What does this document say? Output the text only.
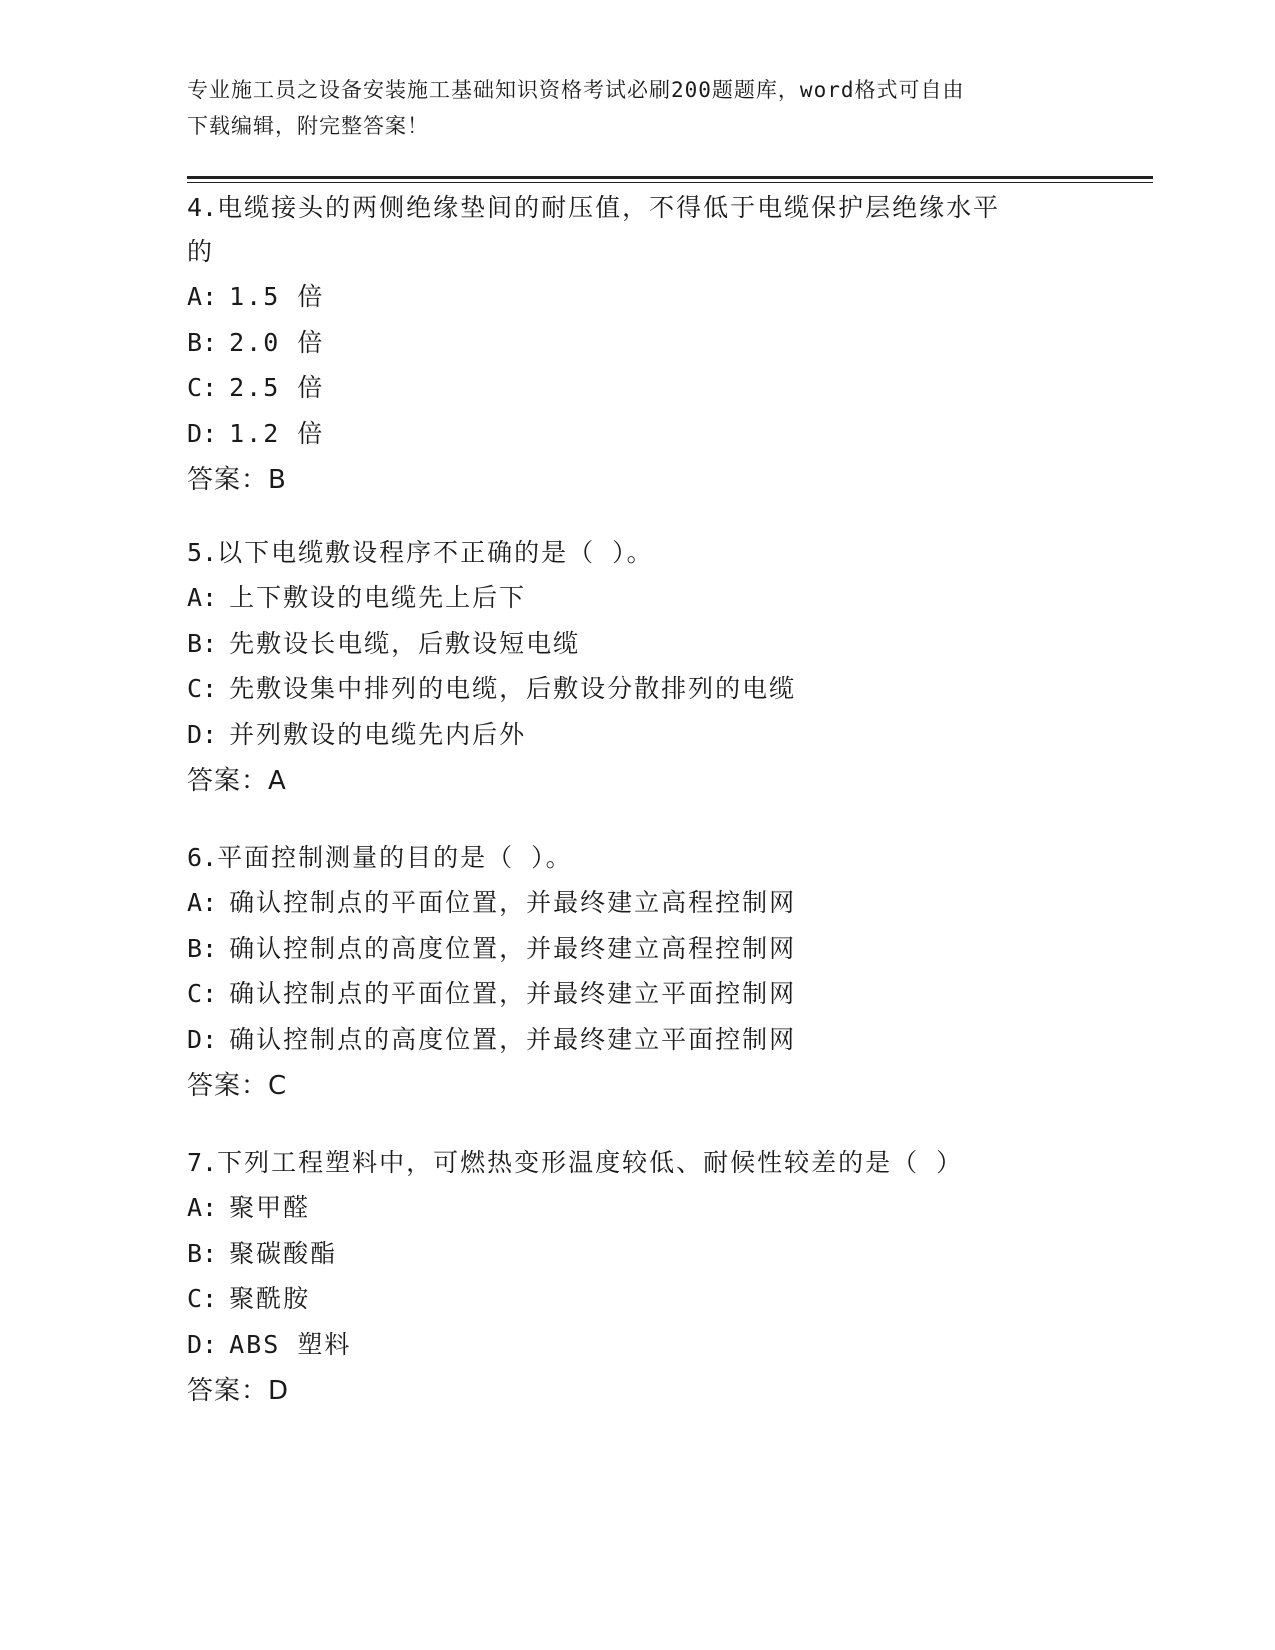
专业施工员之设备安装施工基础知识资格考试必刷200题题库，word格式可自由
下载编辑，附完整答案！
4.电缆接头的两侧绝缘垫间的耐压值，不得低于电缆保护层绝缘水平
的
A: 1.5 倍
B: 2.0 倍
C: 2.5 倍
D: 1.2 倍
答案：B
5.以下电缆敷设程序不正确的是（ ）。
A: 上下敷设的电缆先上后下
B: 先敷设长电缆，后敷设短电缆
C: 先敷设集中排列的电缆，后敷设分散排列的电缆
D: 并列敷设的电缆先内后外
答案：A
6.平面控制测量的目的是（ ）。
A: 确认控制点的平面位置，并最终建立高程控制网
B: 确认控制点的高度位置，并最终建立高程控制网
C: 确认控制点的平面位置，并最终建立平面控制网
D: 确认控制点的高度位置，并最终建立平面控制网
答案：C
7.下列工程塑料中，可燃热变形温度较低、耐候性较差的是（ ）
A: 聚甲醛
B: 聚碳酸酯
C: 聚酰胺
D: ABS 塑料
答案：D
